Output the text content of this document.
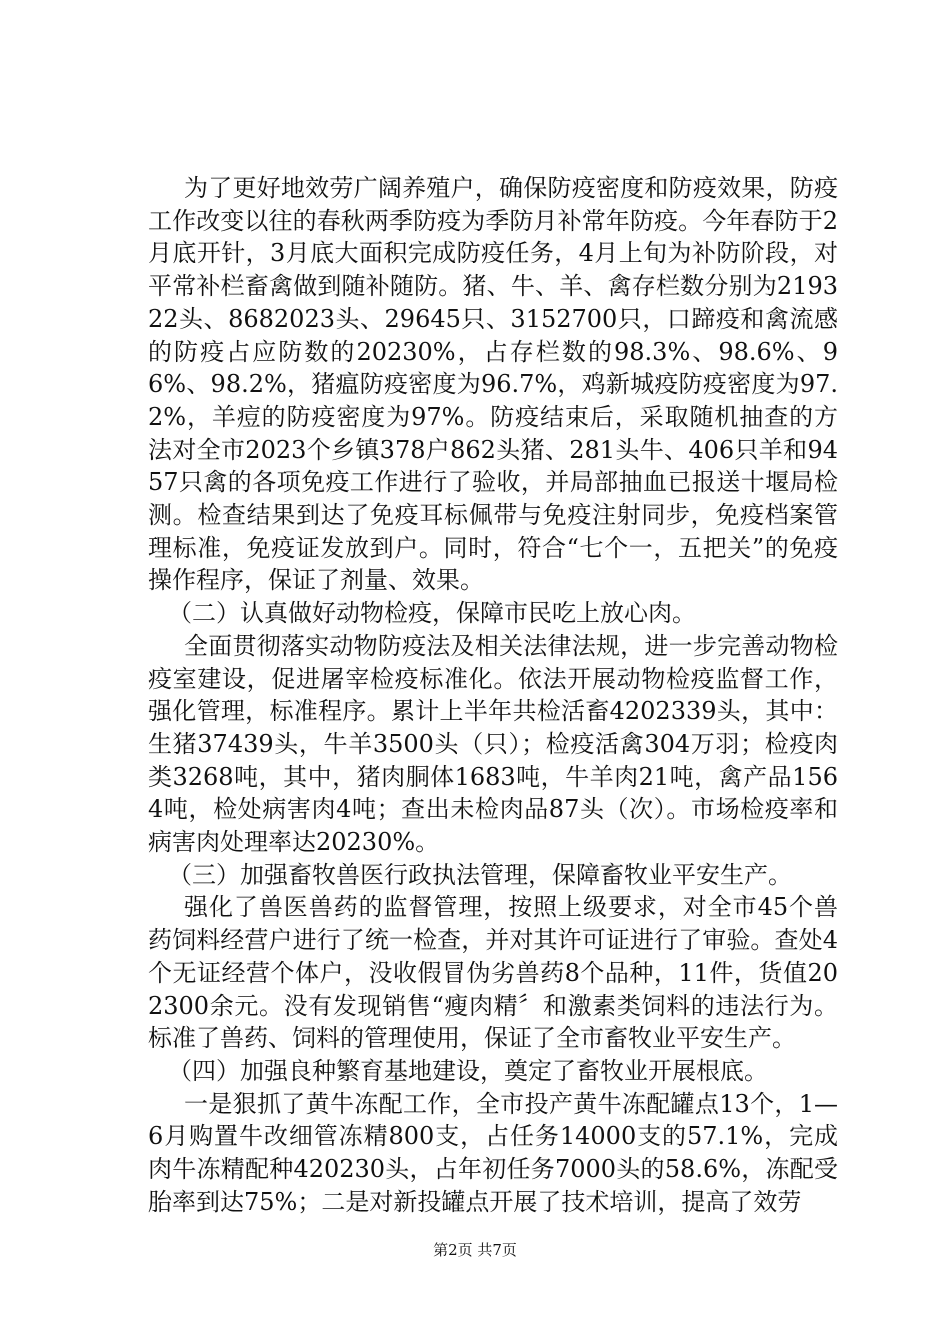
为了更好地效劳广阔养殖户，确保防疫密度和防疫效果，防疫工作改变以往的春秋两季防疫为季防月补常年防疫。今年春防于2月底开针，3月底大面积完成防疫任务，4月上旬为补防阶段，对平常补栏畜禽做到随补随防。猪、牛、羊、禽存栏数分别为219322头、8682023头、29645只、3152700只，口蹄疫和禽流感的防疫占应防数的20230%，占存栏数的98.3%、98.6%、96%、98.2%，猪瘟防疫密度为96.7%，鸡新城疫防疫密度为97.2%，羊痘的防疫密度为97%。防疫结束后，采取随机抽查的方法对全市2023个乡镇378户862头猪、281头牛、406只羊和9457只禽的各项免疫工作进行了验收，并局部抽血已报送十堰局检测。检查结果到达了免疫耳标佩带与免疫注射同步，免疫档案管理标准，免疫证发放到户。同时，符合“七个一，五把关”的免疫操作程序，保证了剂量、效果。

（二）认真做好动物检疫，保障市民吃上放心肉。

全面贯彻落实动物防疫法及相关法律法规，进一步完善动物检疫室建设，促进屠宰检疫标准化。依法开展动物检疫监督工作，强化管理，标准程序。累计上半年共检活畜4202339头，其中：生猪37439头，牛羊3500头（只）；检疫活禽304万羽；检疫肉类3268吨，其中，猪肉胴体1683吨，牛羊肉21吨，禽产品1564吨，检处病害肉4吨；查出未检肉品87头（次）。市场检疫率和病害肉处理率达20230%。

（三）加强畜牧兽医行政执法管理，保障畜牧业平安生产。

强化了兽医兽药的监督管理，按照上级要求，对全市45个兽药饲料经营户进行了统一检查，并对其许可证进行了审验。查处4个无证经营个体户，没收假冒伪劣兽药8个品种，11件，货值202300余元。没有发现销售“瘦肉精〞和激素类饲料的违法行为。标准了兽药、饲料的管理使用，保证了全市畜牧业平安生产。

（四）加强良种繁育基地建设，奠定了畜牧业开展根底。

一是狠抓了黄牛冻配工作，全市投产黄牛冻配罐点13个，1—6月购置牛改细管冻精800支，占任务14000支的57.1%，完成肉牛冻精配种420230头，占年初任务7000头的58.6%，冻配受胎率到达75%；二是对新投罐点开展了技术培训，提高了效劳

第2页 共7页
